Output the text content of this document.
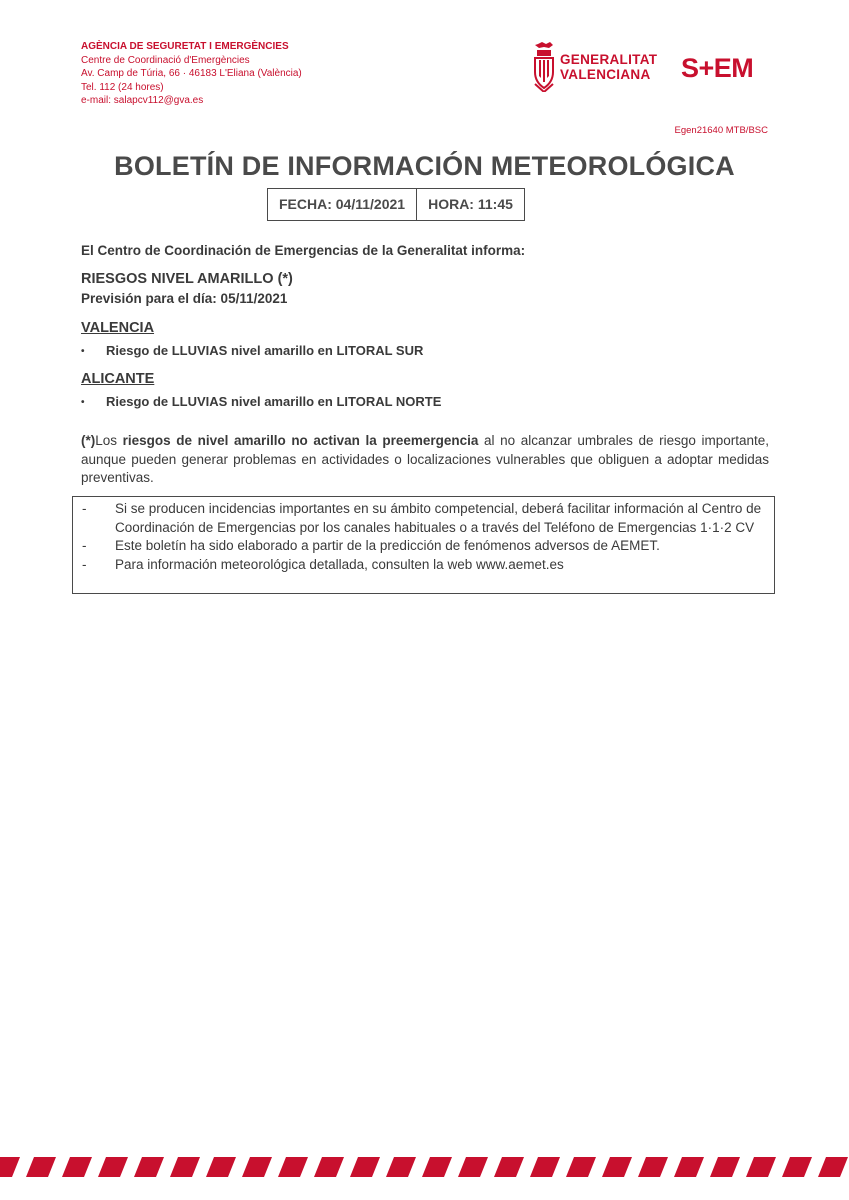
AGÈNCIA DE SEGURETAT I EMERGÈNCIES
Centre de Coordinació d'Emergències
Av. Camp de Túria, 66 · 46183 L'Eliana (València)
Tel. 112 (24 hores)
e-mail: salapcv112@gva.es
GENERALITAT
VALENCIANA S+EM
Egen21640 MTB/BSC
BOLETÍN DE INFORMACIÓN METEOROLÓGICA
FECHA: 04/11/2021	HORA: 11:45
El Centro de Coordinación de Emergencias de la Generalitat informa:
RIESGOS NIVEL AMARILLO (*)
Previsión para el día: 05/11/2021
VALENCIA
•	Riesgo de LLUVIAS nivel amarillo en LITORAL SUR
ALICANTE
•	Riesgo de LLUVIAS nivel amarillo en LITORAL NORTE
(*)Los riesgos de nivel amarillo no activan la preemergencia al no alcanzar umbrales de riesgo importante, aunque pueden generar problemas en actividades o localizaciones vulnerables que obliguen a adoptar medidas preventivas.
-	Si se producen incidencias importantes en su ámbito competencial, deberá facilitar información al Centro de Coordinación de Emergencias por los canales habituales o a través del Teléfono de Emergencias 1·1·2 CV
-	Este boletín ha sido elaborado a partir de la predicción de fenómenos adversos de AEMET.
-	Para información meteorológica detallada, consulten la web www.aemet.es
